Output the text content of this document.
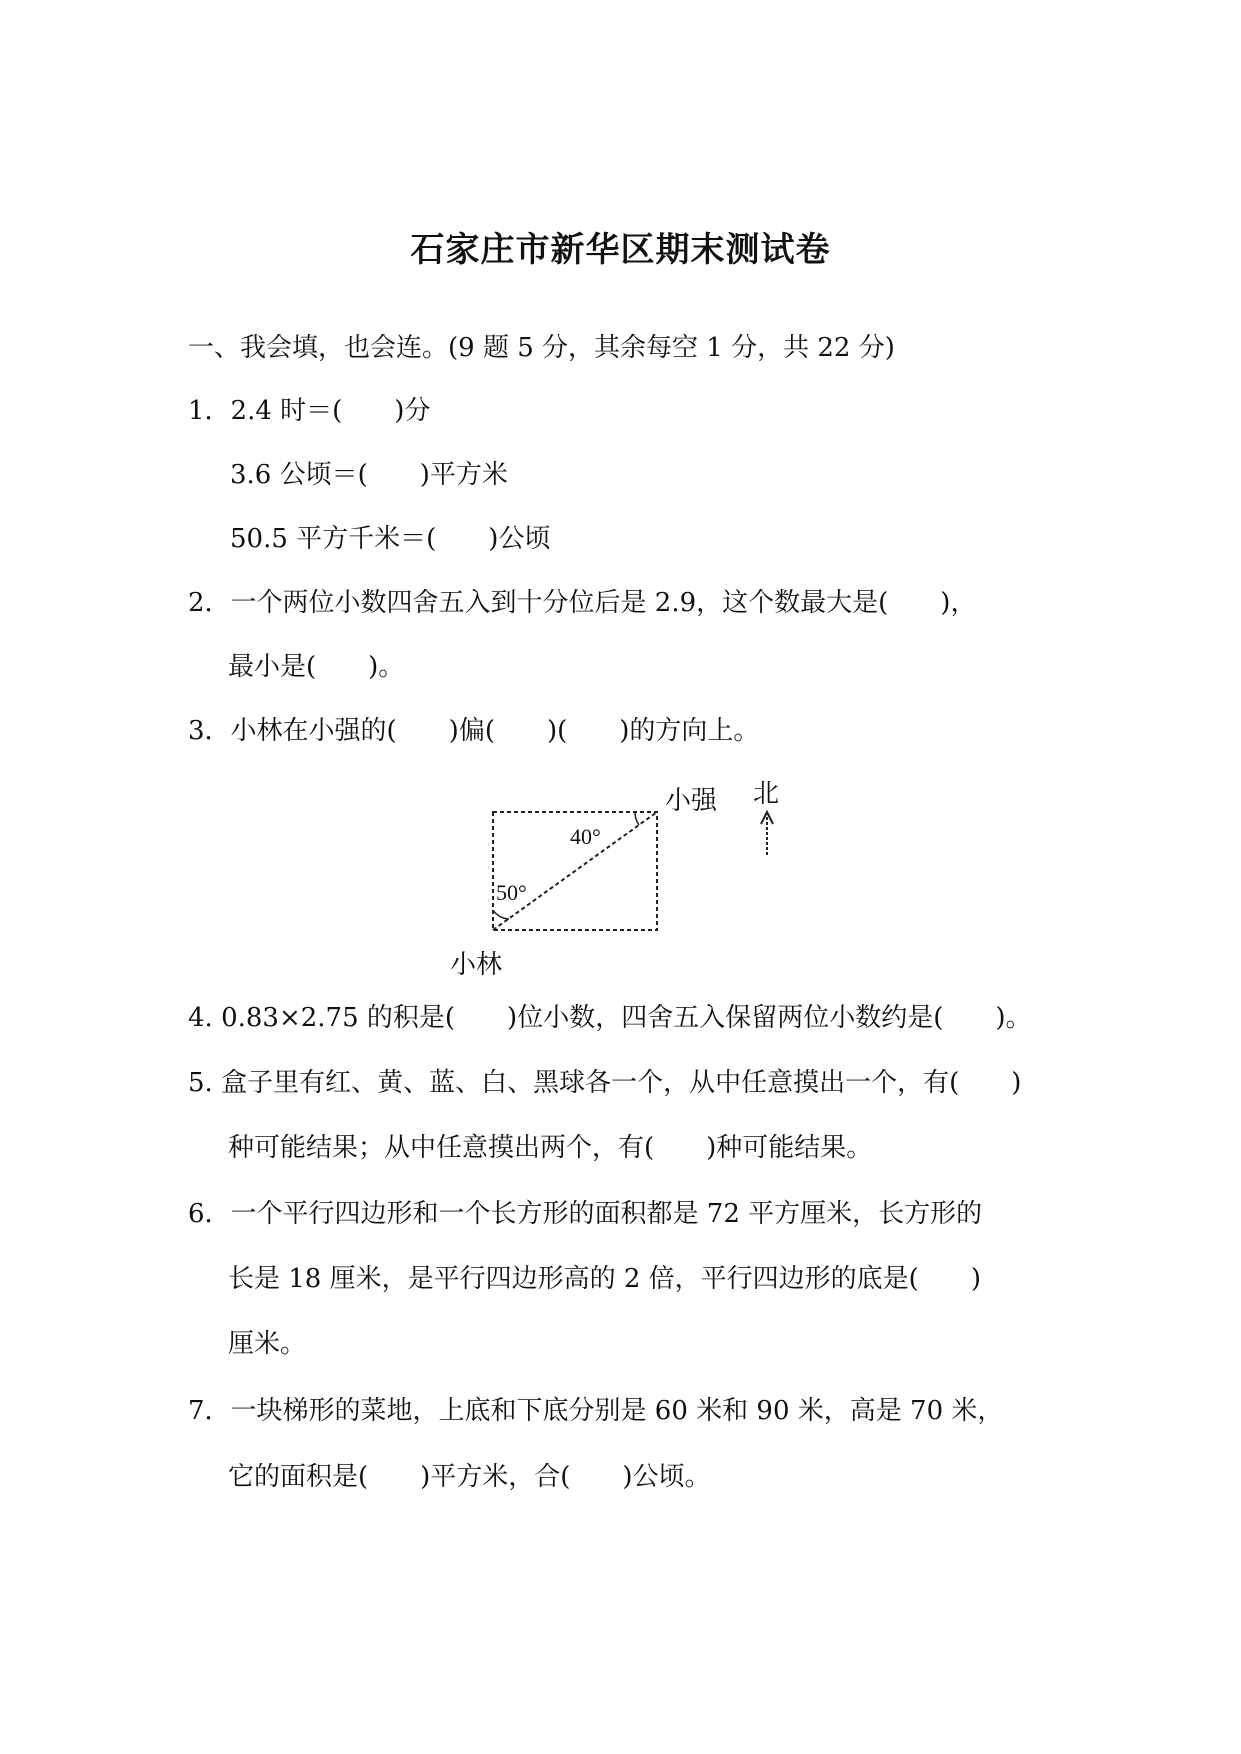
石家庄市新华区期末测试卷
一、我会填，也会连。(9 题 5 分，其余每空 1 分，共 22 分)
1．2.4 时＝(　　)分
3.6 公顷＝(　　)平方米
50.5 平方千米＝(　　)公顷
2．一个两位小数四舍五入到十分位后是 2.9，这个数最大是(　　)，
最小是(　　)。
3．小林在小强的(　　)偏(　　)(　　)的方向上。
小强 北
小林
40°
50°
4. 0.83×2.75 的积是(　　)位小数，四舍五入保留两位小数约是(　　)。
5. 盒子里有红、黄、蓝、白、黑球各一个，从中任意摸出一个，有(　　)
种可能结果；从中任意摸出两个，有(　　)种可能结果。
6．一个平行四边形和一个长方形的面积都是 72 平方厘米，长方形的
长是 18 厘米，是平行四边形高的 2 倍，平行四边形的底是(　　)
厘米。
7．一块梯形的菜地，上底和下底分别是 60 米和 90 米，高是 70 米，
它的面积是(　　)平方米，合(　　)公顷。
